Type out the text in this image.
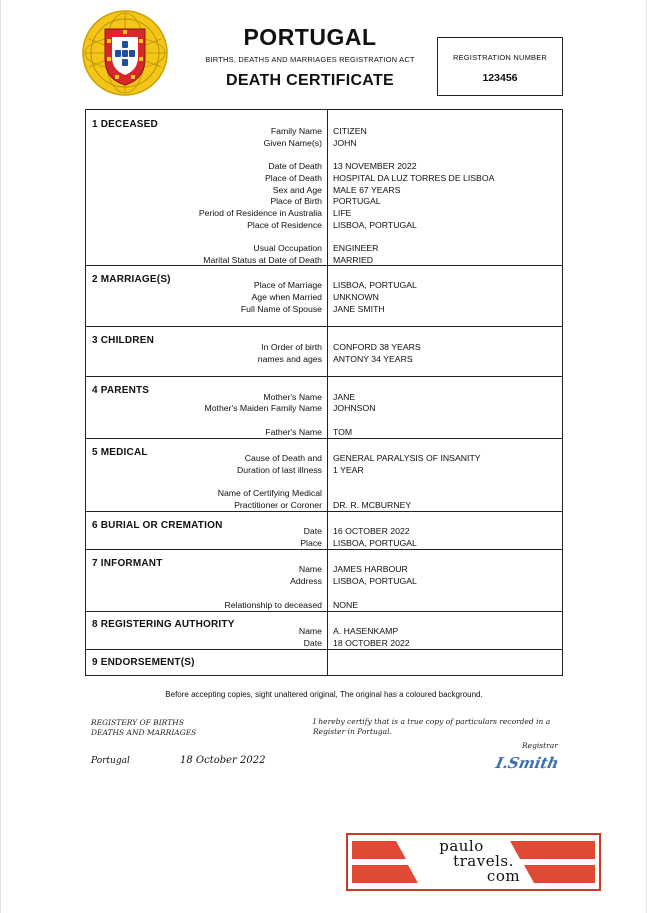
PORTUGAL
BIRTHS, DEATHS AND MARRIAGES REGISTRATION ACT
DEATH CERTIFICATE
REGISTRATION NUMBER
123456
1 DECEASED
Family Name CITIZEN
Given Name(s) JOHN
Date of Death 13 NOVEMBER 2022
Place of Death HOSPITAL DA LUZ TORRES DE LISBOA
Sex and Age MALE 67 YEARS
Place of Birth PORTUGAL
Period of Residence in Australia LIFE
Place of Residence LISBOA, PORTUGAL
Usual Occupation ENGINEER
Marital Status at Date of Death MARRIED
2 MARRIAGE(S)	Place of Marriage LISBOA, PORTUGAL
Age when Married UNKNOWN
Full Name of Spouse JANE SMITH
3 CHILDREN
In Order of birth CONFORD 38 YEARS
names and ages ANTONY 34 YEARS
4 PARENTS
Mother's Name JANE
Mother's Maiden Family Name JOHNSON
Father's Name TOM
5 MEDICAL	Cause of Death and GENERAL PARALYSIS OF INSANITY
Duration of last illness 1 YEAR
Name of Certifying Medical
Practitioner or Coroner DR. R. MCBURNEY
6 BURIAL OR CREMATION	Date 16 OCTOBER 2022
Place LISBOA, PORTUGAL
7 INFORMANT	Name JAMES HARBOUR
Address LISBOA, PORTUGAL
Relationship to deceased NONE
8 REGISTERING AUTHORITY
Name A. HASENKAMP
Date 18 OCTOBER 2022
9 ENDORSEMENT(S)
Before accepting copies, sight unaltered original, The original has a coloured background.
REGISTERY OF BIRTHS
DEATHS AND MARRIAGES
I hereby certify that is a true copy of particulars recorded in a
Register in Portugal.
Registrar
Portugal	18 October 2022	I.Smith
paulo
travels.
com
